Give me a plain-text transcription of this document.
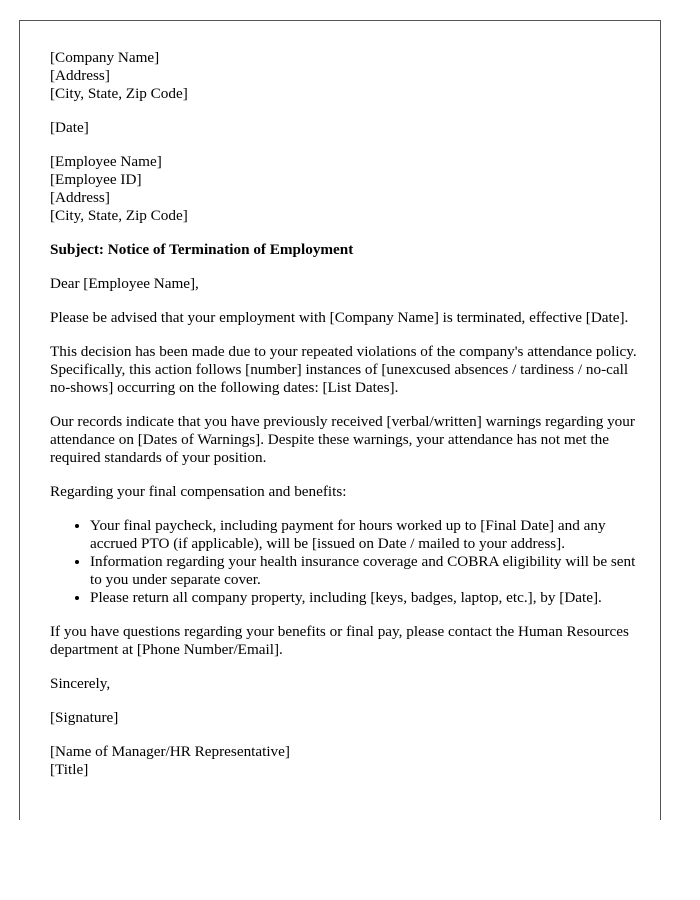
[Company Name]
[Address]
[City, State, Zip Code]
[Date]
[Employee Name]
[Employee ID]
[Address]
[City, State, Zip Code]
Subject: Notice of Termination of Employment
Dear [Employee Name],

Please be advised that your employment with [Company Name] is terminated, effective [Date].

This decision has been made due to your repeated violations of the company's attendance policy. Specifically, this action follows [number] instances of [unexcused absences / tardiness / no-call no-shows] occurring on the following dates: [List Dates].

Our records indicate that you have previously received [verbal/written] warnings regarding your attendance on [Dates of Warnings]. Despite these warnings, your attendance has not met the required standards of your position.

Regarding your final compensation and benefits:

• Your final paycheck, including payment for hours worked up to [Final Date] and any accrued PTO (if applicable), will be [issued on Date / mailed to your address].
• Information regarding your health insurance coverage and COBRA eligibility will be sent to you under separate cover.
• Please return all company property, including [keys, badges, laptop, etc.], by [Date].

If you have questions regarding your benefits or final pay, please contact the Human Resources department at [Phone Number/Email].

Sincerely,
[Signature]
[Name of Manager/HR Representative]
[Title]
